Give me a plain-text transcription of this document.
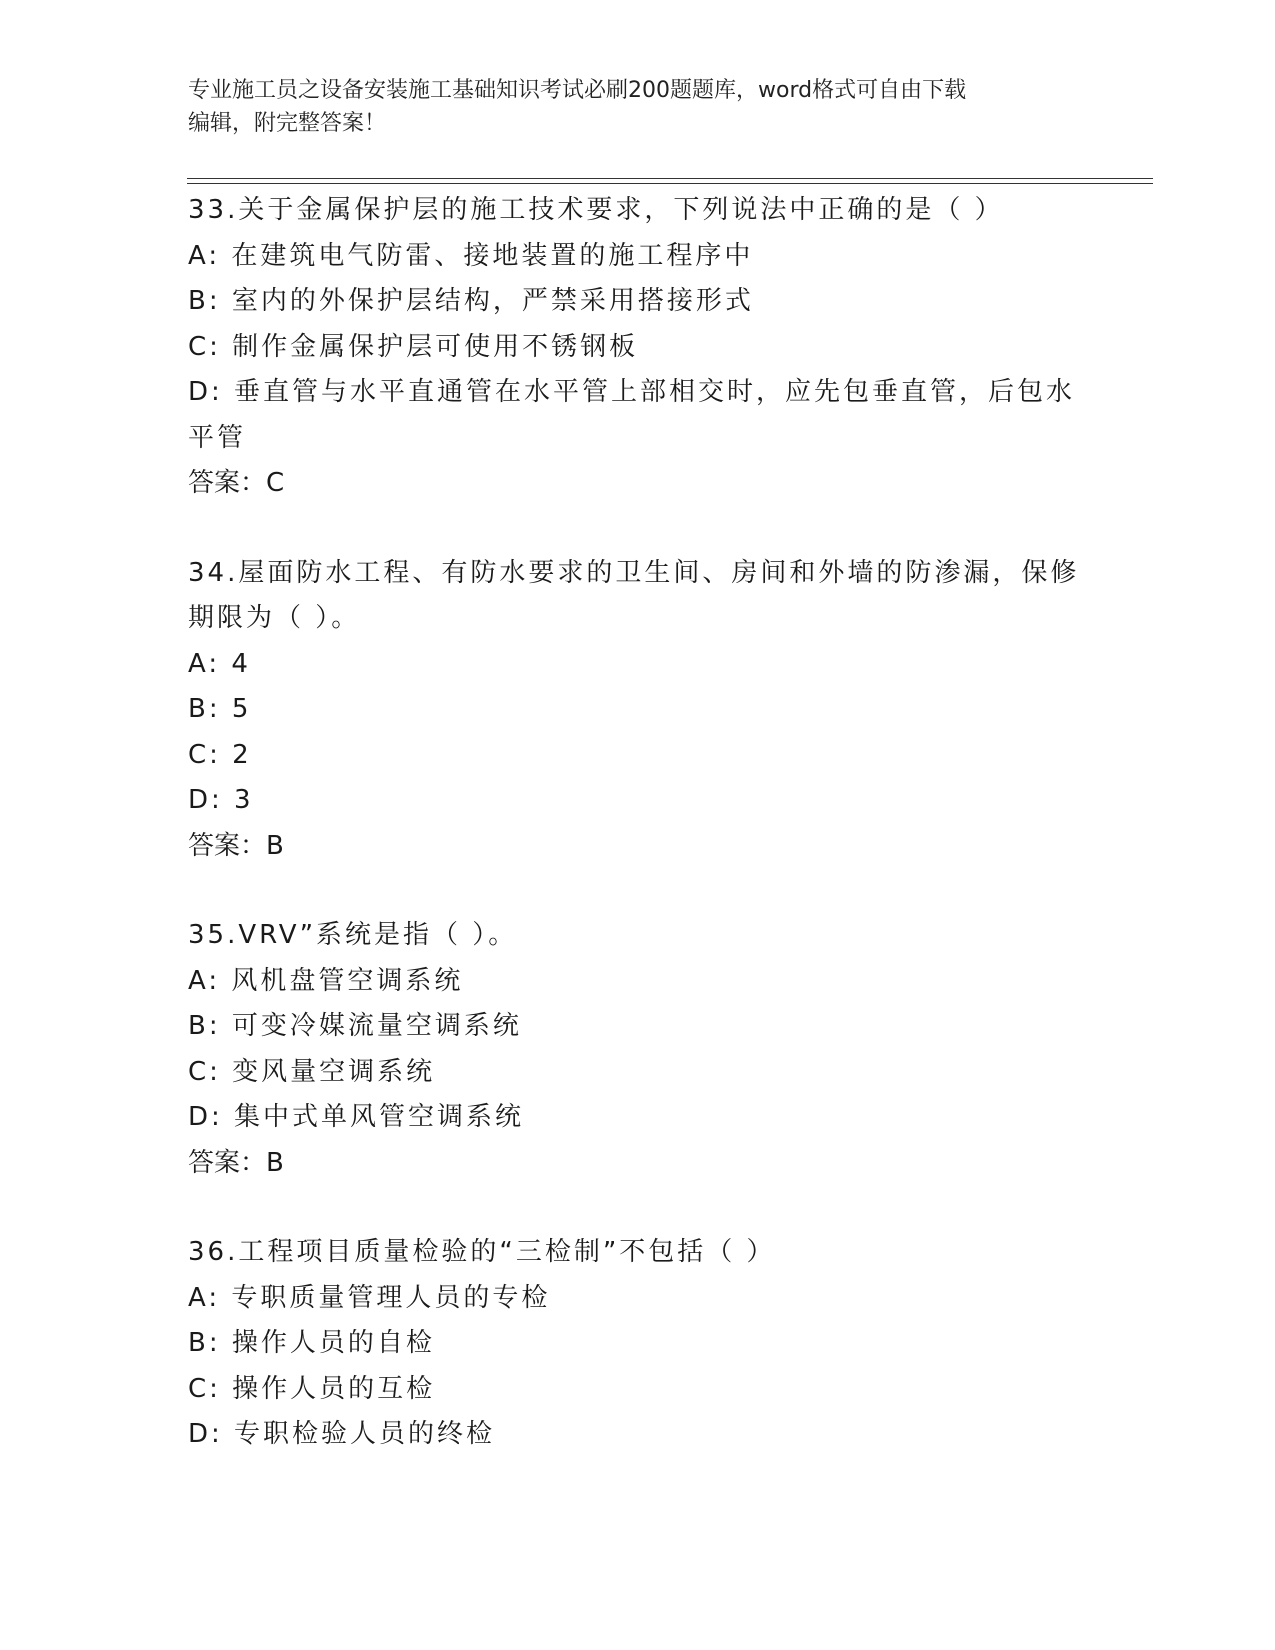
专业施工员之设备安装施工基础知识考试必刷200题题库，word格式可自由下载
编辑，附完整答案！
33.关于金属保护层的施工技术要求，下列说法中正确的是（ ）
A: 在建筑电气防雷、接地装置的施工程序中
B: 室内的外保护层结构，严禁采用搭接形式
C: 制作金属保护层可使用不锈钢板
D: 垂直管与水平直通管在水平管上部相交时，应先包垂直管，后包水平管
答案：C
34.屋面防水工程、有防水要求的卫生间、房间和外墙的防渗漏，保修期限为（ ）。
A: 4
B: 5
C: 2
D: 3
答案：B
35.VRV”系统是指（ ）。
A: 风机盘管空调系统
B: 可变冷媒流量空调系统
C: 变风量空调系统
D: 集中式单风管空调系统
答案：B
36.工程项目质量检验的“三检制”不包括（ ）
A: 专职质量管理人员的专检
B: 操作人员的自检
C: 操作人员的互检
D: 专职检验人员的终检
